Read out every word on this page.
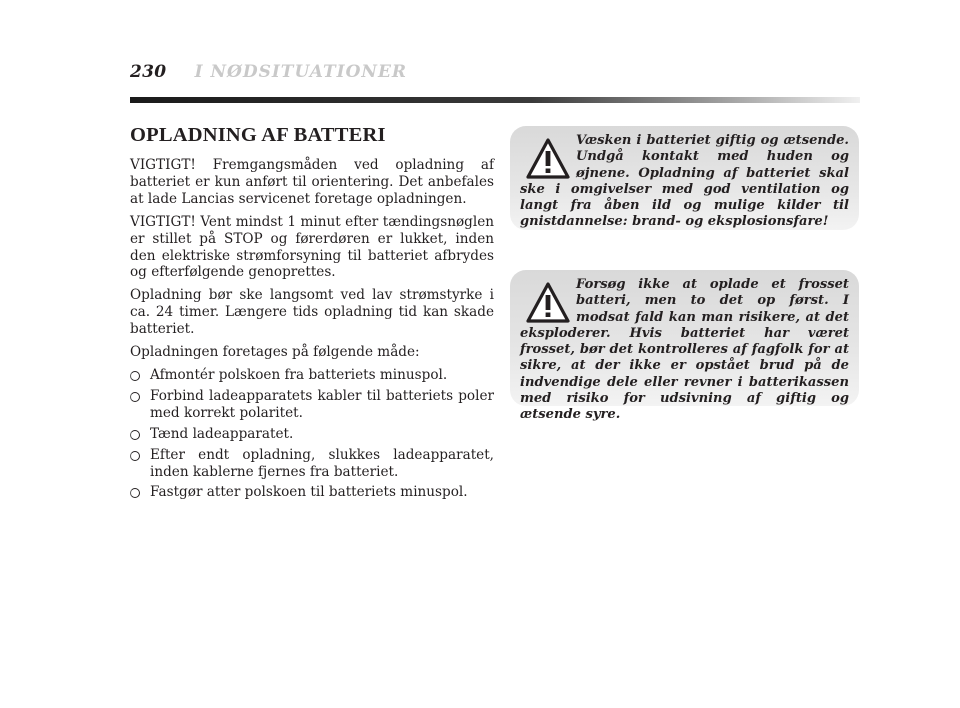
230 I NØDSITUATIONER
OPLADNING AF BATTERI

VIGTIGT! Fremgangsmåden ved opladning af batteriet er kun anført til orientering. Det anbefales at lade Lancias servicenet foretage opladningen.

VIGTIGT! Vent mindst 1 minut efter tændingsnøglen er stillet på STOP og førerdøren er lukket, inden den elektriske strømforsyning til batteriet afbrydes og efterfølgende genoprettes.

Opladning bør ske langsomt ved lav strømstyrke i ca. 24 timer. Længere tids opladning tid kan skade batteriet.

Opladningen foretages på følgende måde:

Afmontér polskoen fra batteriets minuspol.
Forbind ladeapparatets kabler til batteriets poler med korrekt polaritet.
Tænd ladeapparatet.
Efter endt opladning, slukkes ladeapparatet, inden kablerne fjernes fra batteriet.
Fastgør atter polskoen til batteriets minuspol.
Væsken i batteriet giftig og ætsende. Undgå kontakt med huden og øjnene. Opladning af batteriet skal ske i omgivelser med god ventilation og langt fra åben ild og mulige kilder til gnistdannelse: brand- og eksplosionsfare!
Forsøg ikke at oplade et frosset batteri, men to det op først. I modsat fald kan man risikere, at det eksploderer. Hvis batteriet har været frosset, bør det kontrolleres af fagfolk for at sikre, at der ikke er opstået brud på de indvendige dele eller revner i batterikassen med risiko for udsivning af giftig og ætsende syre.
